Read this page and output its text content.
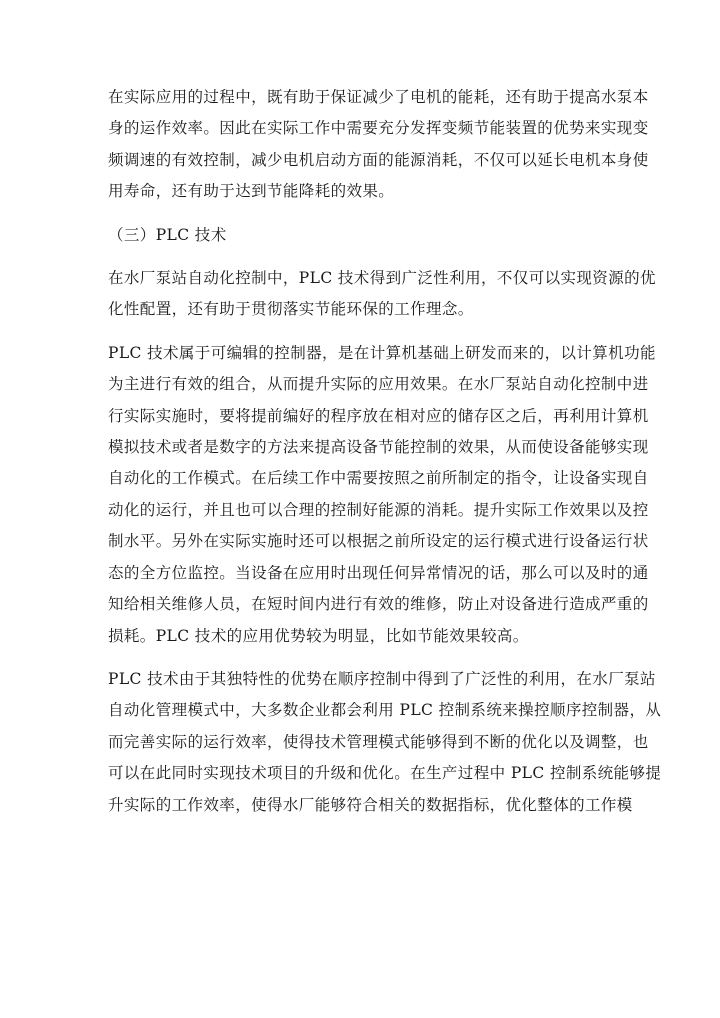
在实际应用的过程中，既有助于保证减少了电机的能耗，还有助于提高水泵本
身的运作效率。因此在实际工作中需要充分发挥变频节能装置的优势来实现变
频调速的有效控制，减少电机启动方面的能源消耗，不仅可以延长电机本身使
用寿命，还有助于达到节能降耗的效果。
（三）PLC 技术
在水厂泵站自动化控制中，PLC 技术得到广泛性利用，不仅可以实现资源的优
化性配置，还有助于贯彻落实节能环保的工作理念。
PLC 技术属于可编辑的控制器，是在计算机基础上研发而来的，以计算机功能
为主进行有效的组合，从而提升实际的应用效果。在水厂泵站自动化控制中进
行实际实施时，要将提前编好的程序放在相对应的储存区之后，再利用计算机
模拟技术或者是数字的方法来提高设备节能控制的效果，从而使设备能够实现
自动化的工作模式。在后续工作中需要按照之前所制定的指令，让设备实现自
动化的运行，并且也可以合理的控制好能源的消耗。提升实际工作效果以及控
制水平。另外在实际实施时还可以根据之前所设定的运行模式进行设备运行状
态的全方位监控。当设备在应用时出现任何异常情况的话，那么可以及时的通
知给相关维修人员，在短时间内进行有效的维修，防止对设备进行造成严重的
损耗。PLC 技术的应用优势较为明显，比如节能效果较高。
PLC 技术由于其独特性的优势在顺序控制中得到了广泛性的利用，在水厂泵站
自动化管理模式中，大多数企业都会利用 PLC 控制系统来操控顺序控制器，从
而完善实际的运行效率，使得技术管理模式能够得到不断的优化以及调整，也
可以在此同时实现技术项目的升级和优化。在生产过程中 PLC 控制系统能够提
升实际的工作效率，使得水厂能够符合相关的数据指标，优化整体的工作模
